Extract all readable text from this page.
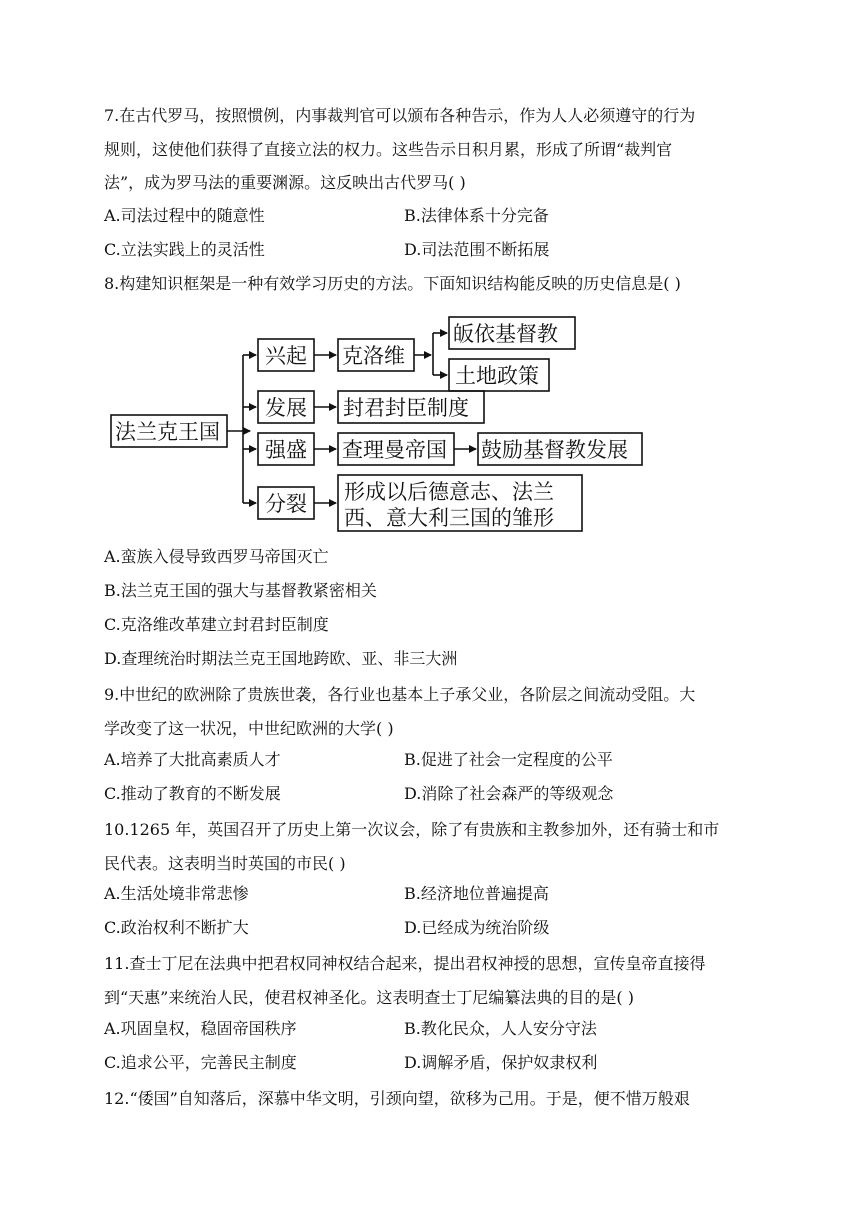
7.在古代罗马，按照惯例，内事裁判官可以颁布各种告示，作为人人必须遵守的行为
规则，这使他们获得了直接立法的权力。这些告示日积月累，形成了所谓“裁判官
法”，成为罗马法的重要渊源。这反映出古代罗马( )

A.司法过程中的随意性	B.法律体系十分完备

C.立法实践上的灵活性	D.司法范围不断拓展

8.构建知识框架是一种有效学习历史的方法。下面知识结构能反映的历史信息是( )

法兰克王国
兴起 克洛维
皈依基督教
土地政策
发展 封君封臣制度
强盛 查理曼帝国 鼓励基督教发展
分裂 形成以后德意志、法兰
西、意大利三国的雏形

A.蛮族入侵导致西罗马帝国灭亡

B.法兰克王国的强大与基督教紧密相关

C.克洛维改革建立封君封臣制度

D.查理统治时期法兰克王国地跨欧、亚、非三大洲

9.中世纪的欧洲除了贵族世袭，各行业也基本上子承父业，各阶层之间流动受阻。大
学改变了这一状况，中世纪欧洲的大学( )

A.培养了大批高素质人才	B.促进了社会一定程度的公平

C.推动了教育的不断发展	D.消除了社会森严的等级观念

10.1265 年，英国召开了历史上第一次议会，除了有贵族和主教参加外，还有骑士和市
民代表。这表明当时英国的市民( )

A.生活处境非常悲惨	B.经济地位普遍提高

C.政治权利不断扩大	D.已经成为统治阶级

11.查士丁尼在法典中把君权同神权结合起来，提出君权神授的思想，宣传皇帝直接得
到“天惠”来统治人民，使君权神圣化。这表明查士丁尼编纂法典的目的是( )

A.巩固皇权，稳固帝国秩序	B.教化民众，人人安分守法

C.追求公平，完善民主制度	D.调解矛盾，保护奴隶权利

12.“倭国”自知落后，深慕中华文明，引颈向望，欲移为己用。于是，便不惜万般艰
